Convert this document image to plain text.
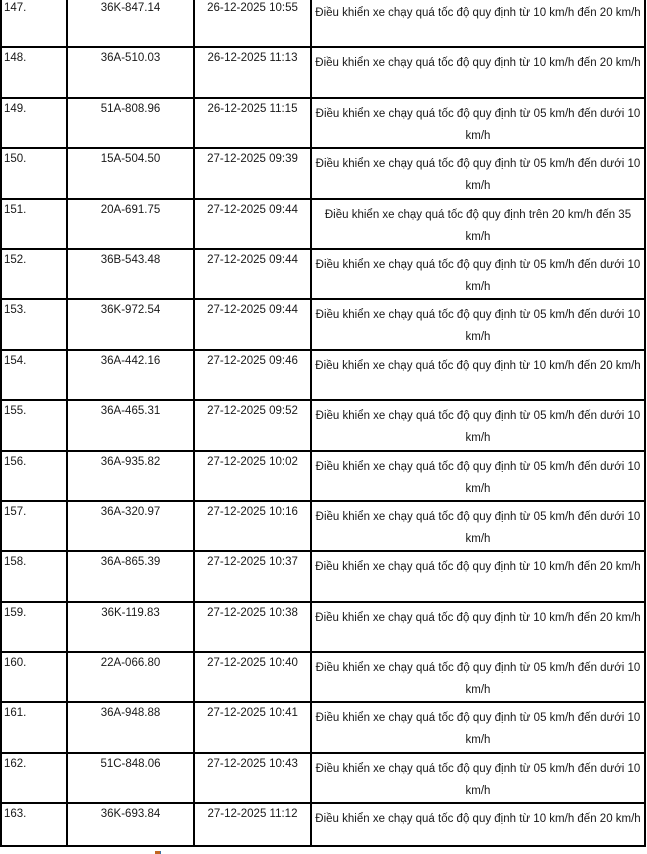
147.	36K-847.14	26-12-2025 10:55	Điều khiển xe chạy quá tốc độ quy định từ 10 km/h đến 20 km/h
148.	36A-510.03	26-12-2025 11:13	Điều khiển xe chạy quá tốc độ quy định từ 10 km/h đến 20 km/h
149.	51A-808.96	26-12-2025 11:15	Điều khiển xe chạy quá tốc độ quy định từ 05 km/h đến dưới 10 km/h
150.	15A-504.50	27-12-2025 09:39	Điều khiển xe chạy quá tốc độ quy định từ 05 km/h đến dưới 10 km/h
151.	20A-691.75	27-12-2025 09:44	Điều khiển xe chạy quá tốc độ quy định trên 20 km/h đến 35 km/h
152.	36B-543.48	27-12-2025 09:44	Điều khiển xe chạy quá tốc độ quy định từ 05 km/h đến dưới 10 km/h
153.	36K-972.54	27-12-2025 09:44	Điều khiển xe chạy quá tốc độ quy định từ 05 km/h đến dưới 10 km/h
154.	36A-442.16	27-12-2025 09:46	Điều khiển xe chạy quá tốc độ quy định từ 10 km/h đến 20 km/h
155.	36A-465.31	27-12-2025 09:52	Điều khiển xe chạy quá tốc độ quy định từ 05 km/h đến dưới 10 km/h
156.	36A-935.82	27-12-2025 10:02	Điều khiển xe chạy quá tốc độ quy định từ 05 km/h đến dưới 10 km/h
157.	36A-320.97	27-12-2025 10:16	Điều khiển xe chạy quá tốc độ quy định từ 05 km/h đến dưới 10 km/h
158.	36A-865.39	27-12-2025 10:37	Điều khiển xe chạy quá tốc độ quy định từ 10 km/h đến 20 km/h
159.	36K-119.83	27-12-2025 10:38	Điều khiển xe chạy quá tốc độ quy định từ 10 km/h đến 20 km/h
160.	22A-066.80	27-12-2025 10:40	Điều khiển xe chạy quá tốc độ quy định từ 05 km/h đến dưới 10 km/h
161.	36A-948.88	27-12-2025 10:41	Điều khiển xe chạy quá tốc độ quy định từ 05 km/h đến dưới 10 km/h
162.	51C-848.06	27-12-2025 10:43	Điều khiển xe chạy quá tốc độ quy định từ 05 km/h đến dưới 10 km/h
163.	36K-693.84	27-12-2025 11:12	Điều khiển xe chạy quá tốc độ quy định từ 10 km/h đến 20 km/h
